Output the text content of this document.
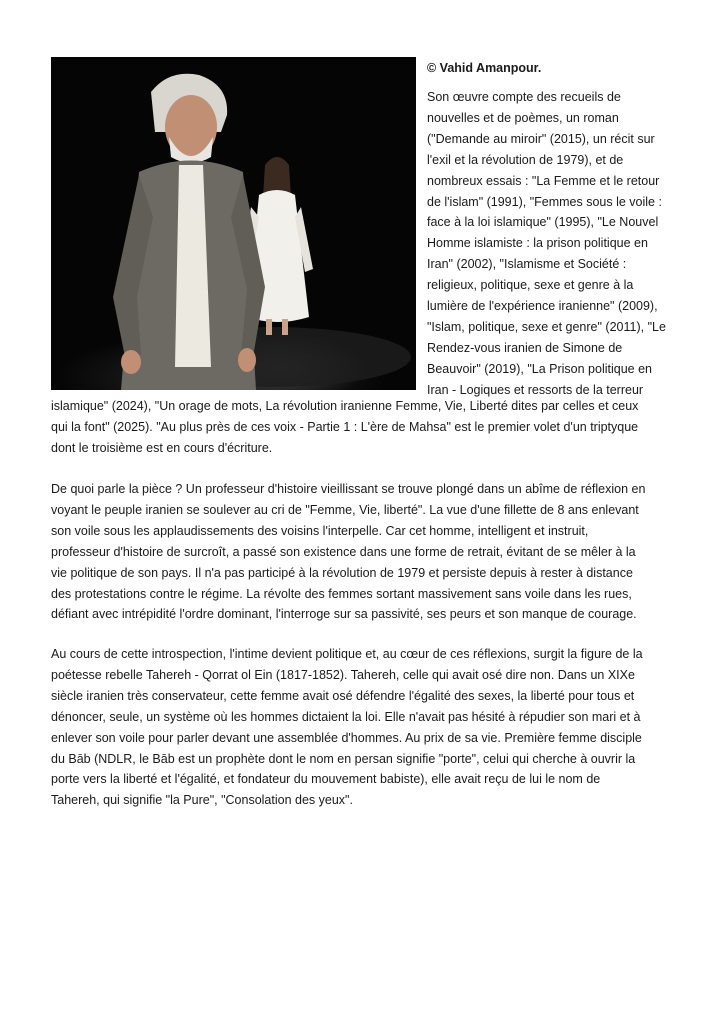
© Vahid Amanpour.

Son œuvre compte des recueils de
nouvelles et de poèmes, un roman
("Demande au miroir" (2015), un récit sur
l'exil et la révolution de 1979), et de
nombreux essais : "La Femme et le retour
de l'islam" (1991), "Femmes sous le voile :
face à la loi islamique" (1995), "Le Nouvel
Homme islamiste : la prison politique en
Iran" (2002), "Islamisme et Société :
religieux, politique, sexe et genre à la
lumière de l'expérience iranienne" (2009),
"Islam, politique, sexe et genre" (2011), "Le
Rendez-vous iranien de Simone de
Beauvoir" (2019), "La Prison politique en
Iran - Logiques et ressorts de la terreur

islamique" (2024), "Un orage de mots, La révolution iranienne Femme, Vie, Liberté dites par celles et ceux
qui la font" (2025). "Au plus près de ces voix - Partie 1 : L'ère de Mahsa" est le premier volet d'un triptyque
dont le troisième est en cours d'écriture.

De quoi parle la pièce ? Un professeur d'histoire vieillissant se trouve plongé dans un abîme de réflexion en
voyant le peuple iranien se soulever au cri de "Femme, Vie, liberté". La vue d'une fillette de 8 ans enlevant
son voile sous les applaudissements des voisins l'interpelle. Car cet homme, intelligent et instruit,
professeur d'histoire de surcroît, a passé son existence dans une forme de retrait, évitant de se mêler à la
vie politique de son pays. Il n'a pas participé à la révolution de 1979 et persiste depuis à rester à distance
des protestations contre le régime. La révolte des femmes sortant massivement sans voile dans les rues,
défiant avec intrépidité l'ordre dominant, l'interroge sur sa passivité, ses peurs et son manque de courage.

Au cours de cette introspection, l'intime devient politique et, au cœur de ces réflexions, surgit la figure de la
poétesse rebelle Tahereh - Qorrat ol Ein (1817-1852). Tahereh, celle qui avait osé dire non. Dans un XIXe
siècle iranien très conservateur, cette femme avait osé défendre l'égalité des sexes, la liberté pour tous et
dénoncer, seule, un système où les hommes dictaient la loi. Elle n'avait pas hésité à répudier son mari et à
enlever son voile pour parler devant une assemblée d'hommes. Au prix de sa vie. Première femme disciple
du Bāb (NDLR, le Bāb est un prophète dont le nom en persan signifie "porte", celui qui cherche à ouvrir la
porte vers la liberté et l'égalité, et fondateur du mouvement babiste), elle avait reçu de lui le nom de
Tahereh, qui signifie "la Pure", "Consolation des yeux".
